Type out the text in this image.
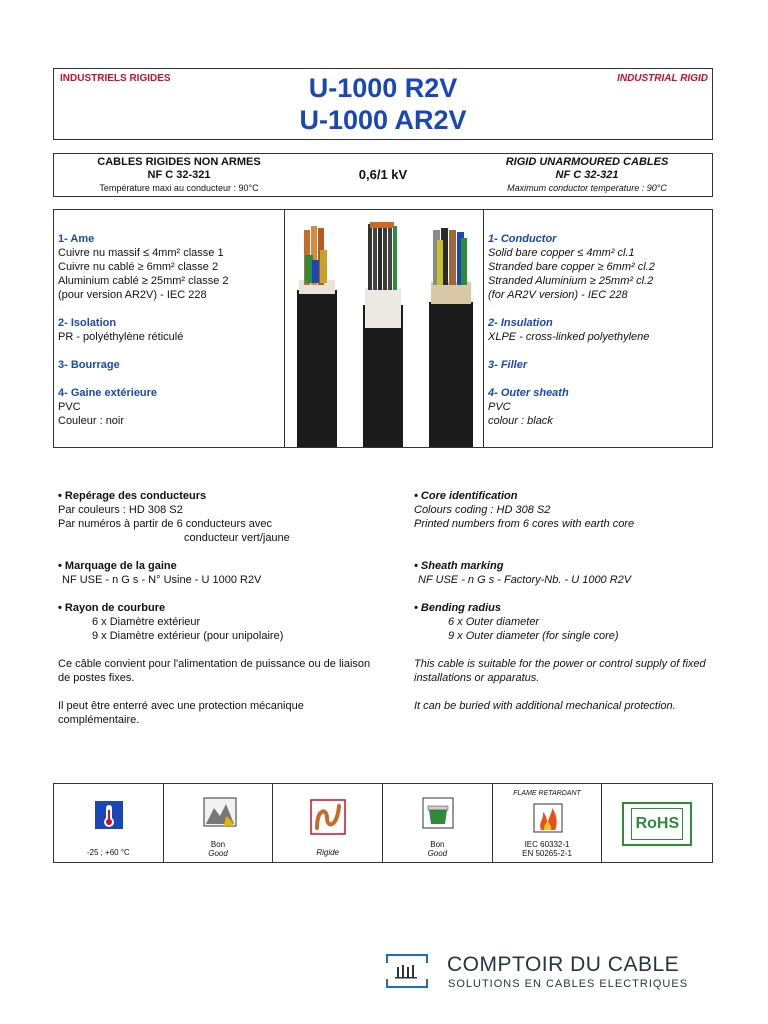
INDUSTRIELS RIGIDES	INDUSTRIAL RIGID
U-1000 R2V
U-1000 AR2V
CABLES RIGIDES NON ARMES
NF C 32-321
Température maxi au conducteur : 90°C
0,6/1 kV
RIGID UNARMOURED CABLES
NF C 32-321
Maximum conductor temperature : 90°C
1- Ame

Cuivre nu massif ≤ 4mm² classe 1

Cuivre nu cablé ≥ 6mm² classe 2

Aluminium cablé ≥ 25mm² classe 2

(pour version AR2V) - IEC 228

2- Isolation

PR - polyéthylène réticulé

3- Bourrage
4- Gaine extérieure

PVC

Couleur : noir

1- Conductor

Solid bare copper ≤ 4mm² cl.1

Stranded bare copper ≥ 6mm² cl.2

Stranded Aluminium ≥ 25mm² cl.2

(for AR2V version) - IEC 228

2- Insulation

XLPE - cross-linked polyethylene

3- Filler
4- Outer sheath

PVC

colour : black

• Repérage des conducteurs

Par couleurs : HD 308 S2

Par numéros à partir de 6 conducteurs avec

conducteur vert/jaune

• Marquage de la gaine

NF USE - n G s - N° Usine - U 1000 R2V

• Rayon de courbure

6 x Diamètre extérieur

9 x Diamètre extérieur (pour unipolaire)

Ce câble convient pour l'alimentation de puissance ou de liaison de postes fixes.

Il peut être enterré avec une protection mécanique complémentaire.

• Core identification

Colours coding : HD 308 S2

Printed numbers from 6 cores with earth core

• Sheath marking

NF USE - n G s - Factory-Nb. - U 1000 R2V

• Bending radius

6 x Outer diameter

9 x Outer diameter (for single core)

This cable is suitable for the power or control supply of fixed installations or apparatus.

It can be buried with additional mechanical protection.

-25 ; +60 °C
Bon
Good	Rigide
Bon
Good
FLAME RETARDANT
IEC 60332-1
EN 50265-2-1
RoHS
COMPTOIR DU CABLE
SOLUTIONS EN CABLES ELECTRIQUES
